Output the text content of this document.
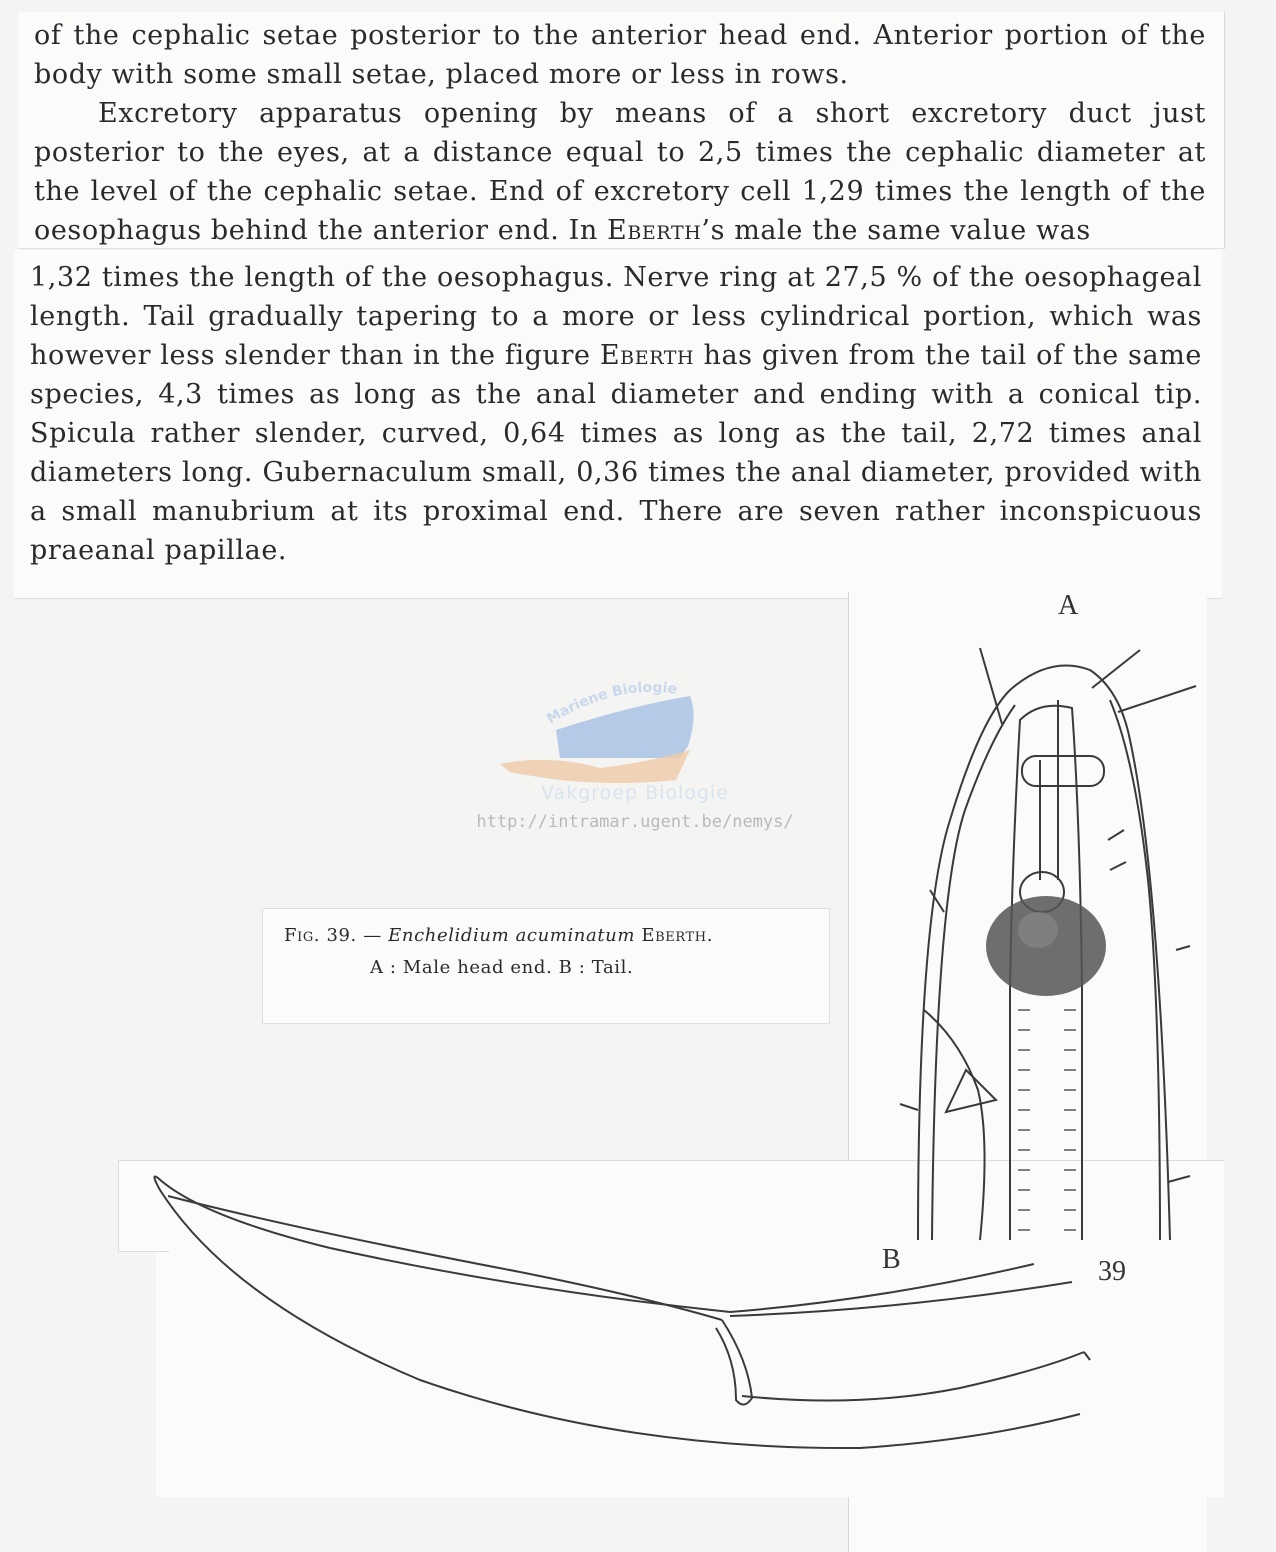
of the cephalic setae posterior to the anterior head end. Anterior portion of the body with some small setae, placed more or less in rows.

Excretory apparatus opening by means of a short excretory duct just posterior to the eyes, at a distance equal to 2,5 times the cephalic diameter at the level of the cephalic setae. End of excretory cell 1,29 times the length of the oesophagus behind the anterior end. In Eberth’s male the same value was

1,32 times the length of the oesophagus. Nerve ring at 27,5 % of the oesophageal length. Tail gradually tapering to a more or less cylindrical portion, which was however less slender than in the figure Eberth has given from the tail of the same species, 4,3 times as long as the anal diameter and ending with a conical tip. Spicula rather slender, curved, 0,64 times as long as the tail, 2,72 times anal diameters long. Gubernaculum small, 0,36 times the anal diameter, provided with a small manubrium at its proximal end. There are seven rather inconspicuous praeanal papillae.

Mariene Biologie
Vakgroep Biologie
http://intramar.ugent.be/nemys/
Fig. 39. — Enchelidium acuminatum Eberth.
A : Male head end. B : Tail.
A
B	39
